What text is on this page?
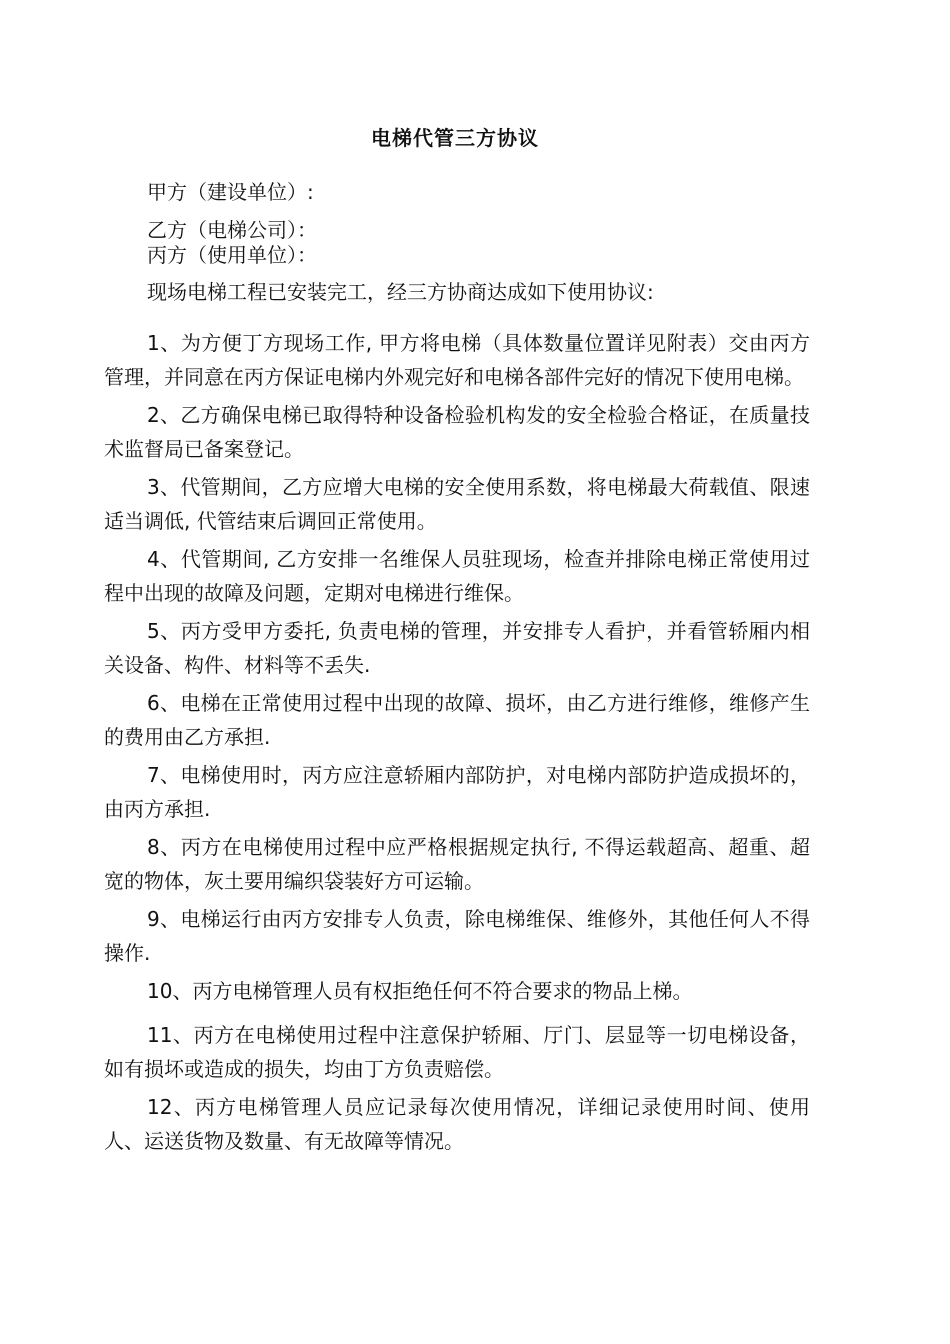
电梯代管三方协议
甲方（建设单位）:
乙方（电梯公司）：
丙方（使用单位）：
现场电梯工程已安装完工，经三方协商达成如下使用协议:
1、为方便丁方现场工作, 甲方将电梯（具体数量位置详见附表）交由丙方管理，并同意在丙方保证电梯内外观完好和电梯各部件完好的情况下使用电梯。
2、乙方确保电梯已取得特种设备检验机构发的安全检验合格证，在质量技术监督局已备案登记。
3、代管期间，乙方应增大电梯的安全使用系数，将电梯最大荷载值、限速适当调低, 代管结束后调回正常使用。
4、代管期间, 乙方安排一名维保人员驻现场，检查并排除电梯正常使用过程中出现的故障及问题，定期对电梯进行维保。
5、丙方受甲方委托, 负责电梯的管理，并安排专人看护，并看管轿厢内相关设备、构件、材料等不丢失.
6、电梯在正常使用过程中出现的故障、损坏，由乙方进行维修，维修产生的费用由乙方承担.
7、电梯使用时，丙方应注意轿厢内部防护，对电梯内部防护造成损坏的，由丙方承担.
8、丙方在电梯使用过程中应严格根据规定执行, 不得运载超高、超重、超宽的物体，灰土要用编织袋装好方可运输。
9、电梯运行由丙方安排专人负责，除电梯维保、维修外，其他任何人不得操作.
10、丙方电梯管理人员有权拒绝任何不符合要求的物品上梯。
11、丙方在电梯使用过程中注意保护轿厢、厅门、层显等一切电梯设备，如有损坏或造成的损失，均由丁方负责赔偿。
12、丙方电梯管理人员应记录每次使用情况，详细记录使用时间、使用人、运送货物及数量、有无故障等情况。
